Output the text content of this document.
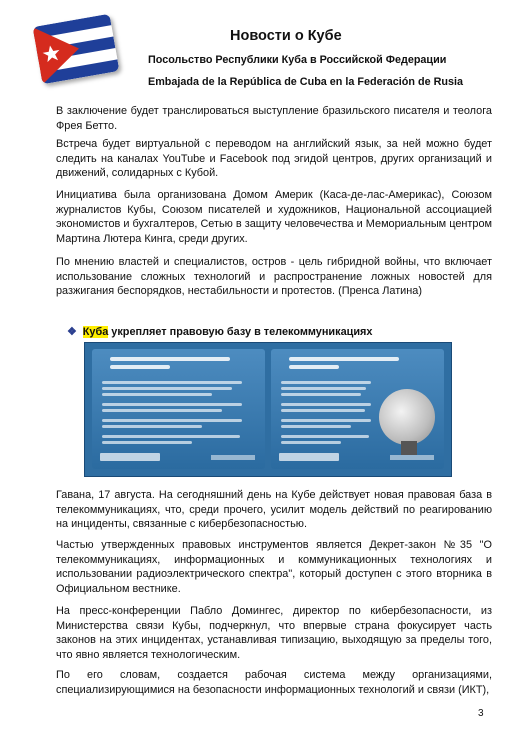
Новости о Кубе

Посольство Республики Куба в Российской Федерации

Embajada de la República de Cuba en la Federación de Rusia

В заключение будет транслироваться выступление бразильского писателя и теолога Фрея Бетто.

Встреча будет виртуальной с переводом на английский язык, за ней можно будет следить на каналах YouTube и Facebook под эгидой центров, других организаций и движений, солидарных с Кубой.

Инициатива была организована Домом Америк (Каса-де-лас-Америкас), Союзом журналистов Кубы, Союзом писателей и художников, Национальной ассоциацией экономистов и бухгалтеров, Сетью в защиту человечества и Мемориальным центром Мартина Лютера Кинга, среди других.

По мнению властей и специалистов, остров - цель гибридной войны, что включает использование сложных технологий и распространение ложных новостей для разжигания беспорядков, нестабильности и протестов. (Пренса Латина)

❖ Куба укрепляет правовую базу в телекоммуникациях

Гавана, 17 августа. На сегодняшний день на Кубе действует новая правовая база в телекоммуникациях, что, среди прочего, усилит модель действий по реагированию на инциденты, связанные с кибербезопасностью.

Частью утвержденных правовых инструментов является Декрет-закон №35 "О телекоммуникациях, информационных и коммуникационных технологиях и использовании радиоэлектрического спектра", который доступен с этого вторника в Официальном вестнике.

На пресс-конференции Пабло Домингес, директор по кибербезопасности, из Министерства связи Кубы, подчеркнул, что впервые страна фокусирует часть законов на этих инцидентах, устанавливая типизацию, выходящую за пределы того, что явно является технологическим.

По его словам, создается рабочая система между организациями, специализирующимися на безопасности информационных технологий и связи (ИКТ),

3
